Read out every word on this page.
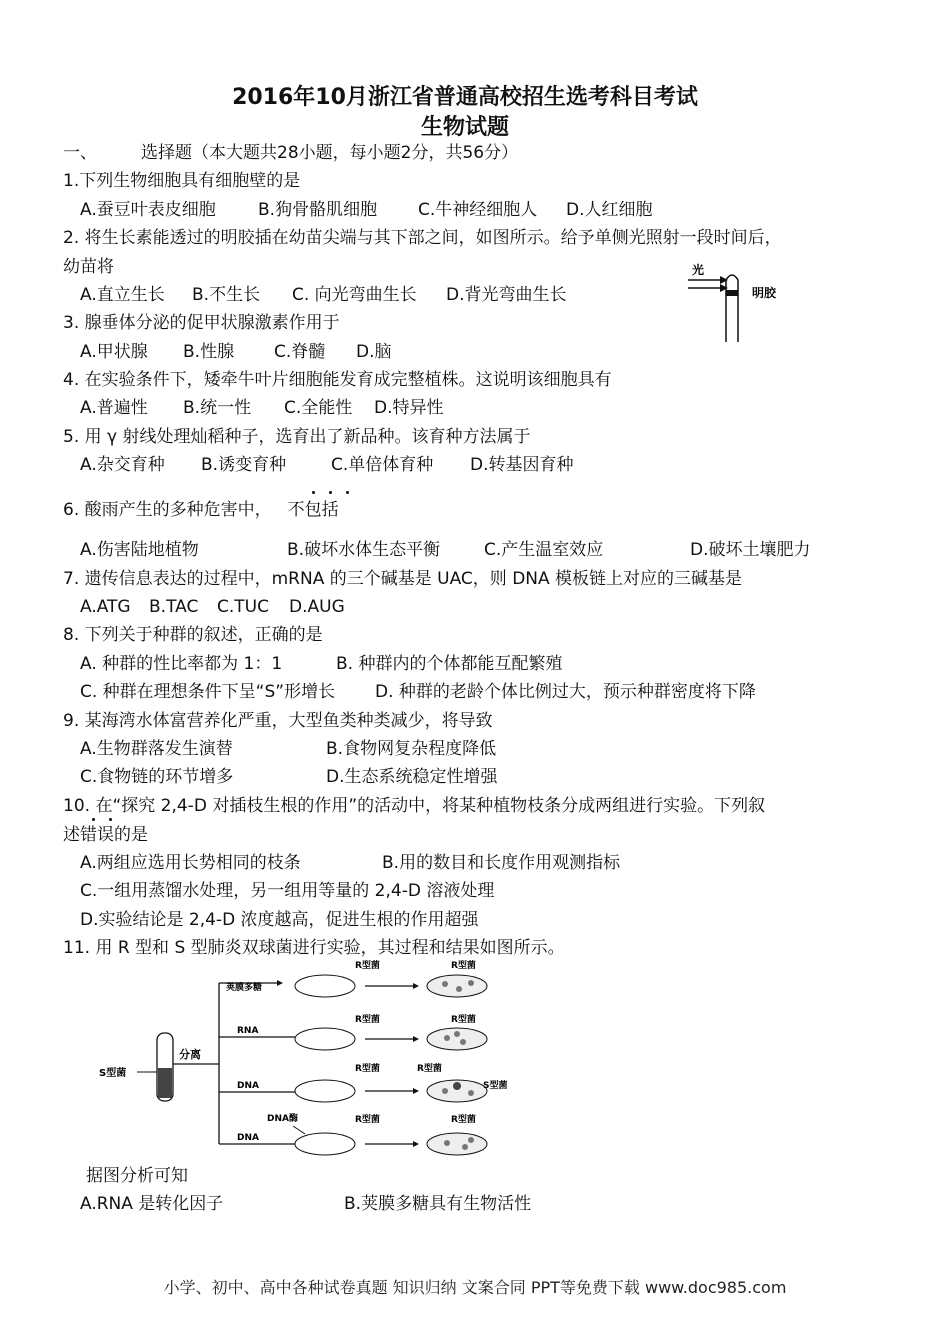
2016年10月浙江省普通高校招生选考科目考试
生物试题
一、	选择题（本大题共28小题，每小题2分，共56分）
1.下列生物细胞具有细胞壁的是
A.蚕豆叶表皮细胞 B.狗骨骼肌细胞 C.牛神经细胞人 D.人红细胞
2. 将生长素能透过的明胶插在幼苗尖端与其下部之间，如图所示。给予单侧光照射一段时间后，
幼苗将
A.直立生长 B.不生长 C. 向光弯曲生长 D.背光弯曲生长
光
明胶
3. 腺垂体分泌的促甲状腺激素作用于
A.甲状腺 B.性腺 C.脊髓 D.脑
4. 在实验条件下，矮牵牛叶片细胞能发育成完整植株。这说明该细胞具有
A.普遍性 B.统一性 C.全能性 D.特异性
5. 用 γ 射线处理灿稻种子，选育出了新品种。该育种方法属于
A.杂交育种 B.诱变育种	C.单倍体育种 D.转基因育种
6. 酸雨产生的多种危害中， 不包括
A.伤害陆地植物	B.破坏水体生态平衡	C.产生温室效应	D.破坏土壤肥力
7. 遗传信息表达的过程中，mRNA 的三个碱基是 UAC，则 DNA 模板链上对应的三碱基是
A.ATG B.TAC C.TUC D.AUG
8. 下列关于种群的叙述，正确的是
A. 种群的性比率都为 1：1	B. 种群内的个体都能互配繁殖
C. 种群在理想条件下呈“S”形增长 D. 种群的老龄个体比例过大，预示种群密度将下降
9. 某海湾水体富营养化严重，大型鱼类种类减少，将导致
A.生物群落发生演替	B.食物网复杂程度降低
C.食物链的环节增多	D.生态系统稳定性增强
10. 在“探究 2,4-D 对插枝生根的作用”的活动中，将某种植物枝条分成两组进行实验。下列叙
述错误的是
A.两组应选用长势相同的枝条	B.用的数目和长度作用观测指标
C.一组用蒸馏水处理，另一组用等量的 2,4-D 溶液处理
D.实验结论是 2,4-D 浓度越高，促进生根的作用超强
11. 用 R 型和 S 型肺炎双球菌进行实验，其过程和结果如图所示。
S型菌
分离
荚膜多糖
RNA
DNA
DNA
DNA酶
R型菌
R型菌
R型菌
R型菌
R型菌
R型菌
R型菌
S型菌
R型菌
据图分析可知
A.RNA 是转化因子	B.荚膜多糖具有生物活性
小学、初中、高中各种试卷真题 知识归纳 文案合同 PPT等免费下载 www.doc985.com
